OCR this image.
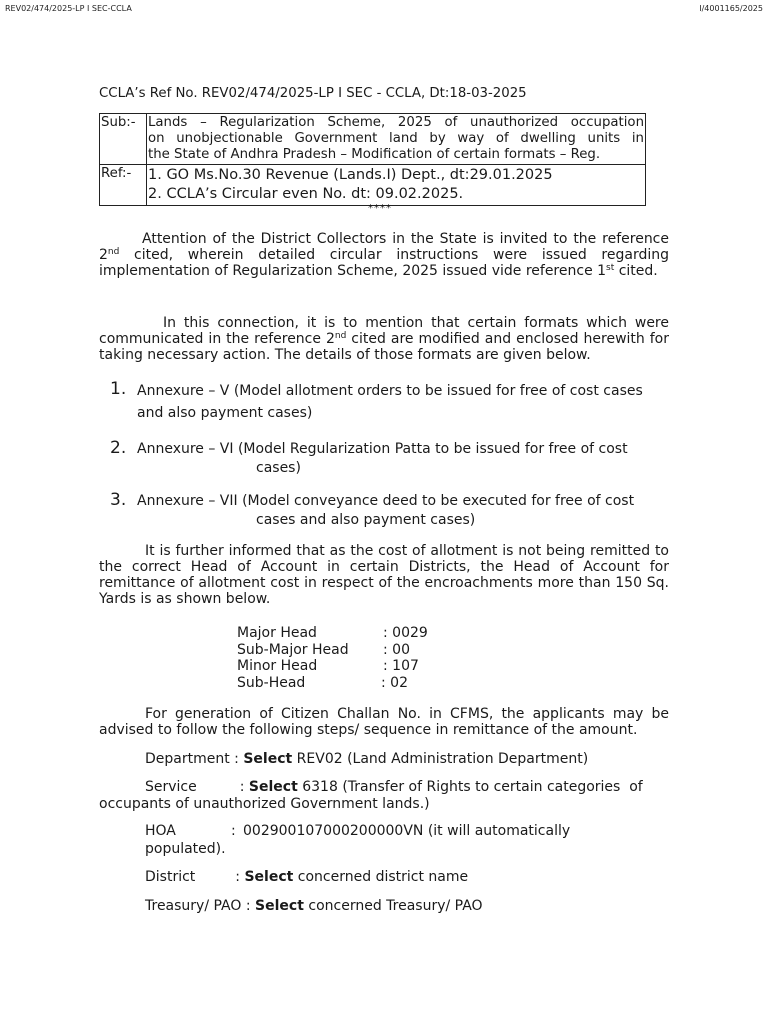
REV02/474/2025-LP I SEC-CCLA	I/4001165/2025
CCLA’s Ref No. REV02/474/2025-LP I SEC - CCLA, Dt:18-03-2025
Sub:-	Lands – Regularization Scheme, 2025 of unauthorized occupation
on unobjectionable Government land by way of dwelling units in
the State of Andhra Pradesh – Modification of certain formats – Reg.

Ref:-	1. GO Ms.No.30 Revenue (Lands.I) Dept., dt:29.01.2025
2. CCLA’s Circular even No. dt: 09.02.2025.
****
Attention of the District Collectors in the State is invited to the reference 2nd cited, wherein detailed circular instructions were issued regarding implementation of Regularization Scheme, 2025 issued vide reference 1st cited.
In this connection, it is to mention that certain formats which were communicated in the reference 2nd cited are modified and enclosed herewith for taking necessary action. The details of those formats are given below.
1. Annexure – V (Model allotment orders to be issued for free of cost cases
and also payment cases)
2. Annexure – VI (Model Regularization Patta to be issued for free of cost
cases)
3. Annexure – VII (Model conveyance deed to be executed for free of cost
cases and also payment cases)
It is further informed that as the cost of allotment is not being remitted to the correct Head of Account in certain Districts, the Head of Account for remittance of allotment cost in respect of the encroachments more than 150 Sq. Yards is as shown below.
Major Head	: 0029
Sub-Major Head : 00
Minor Head	: 107
Sub-Head	: 02
For generation of Citizen Challan No. in CFMS, the applicants may be advised to follow the following steps/ sequence in remittance of the amount.
Department : Select REV02 (Land Administration Department)
Service	: Select 6318 (Transfer of Rights to certain categories  of
occupants of unauthorized Government lands.)
HOA	: 002900107000200000VN (it will automatically
populated).
District	: Select concerned district name
Treasury/ PAO : Select concerned Treasury/ PAO
